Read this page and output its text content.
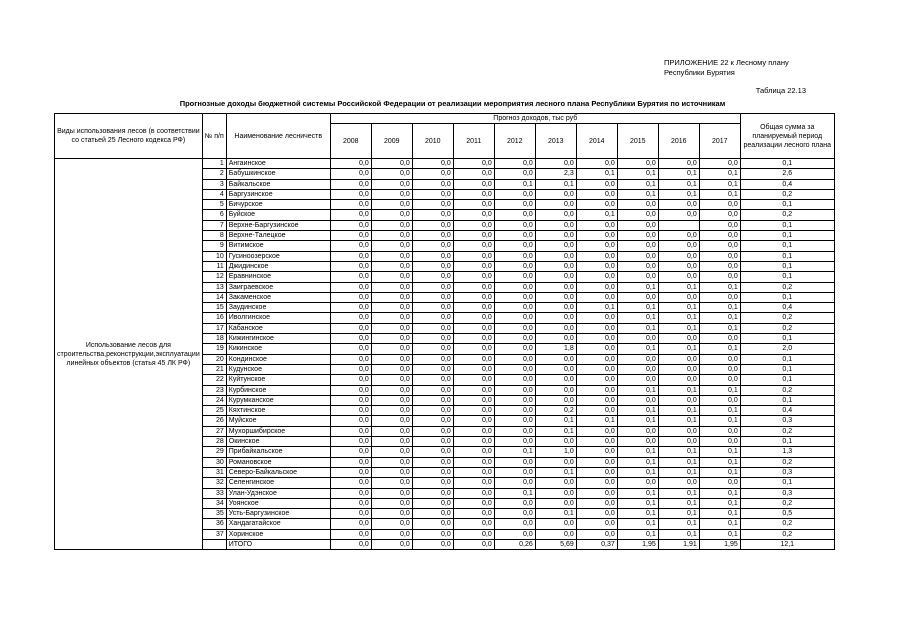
ПРИЛОЖЕНИЕ 22 к Лесному плану
Республики Бурятия
Таблица 22.13
Прогнозные доходы бюджетной системы Российской Федерации от реализации мероприятия лесного плана Республики Бурятия по источникам
Виды использования лесов (в соответствии со статьей 25 Лесного кодекса РФ)	№ п/п	Наименование лесничеств	Прогноз доходов, тыс руб										Общая сумма за планируемый период реализации лесного плана
			2008	2009	2010	2011	2012	2013	2014	2015	2016	2017	
Использование лесов для строительства,реконструкции,эксплуатации линейных объектов (статья 45 ЛК РФ)	1	Ангаинское	0,0	0,0	0,0	0,0	0,0	0,0	0,0	0,0	0,0	0,0	0,1
	2	Бабушкинское	0,0	0,0	0,0	0,0	0,0	2,3	0,1	0,1	0,1	0,1	2,6
	3	Байкальское	0,0	0,0	0,0	0,0	0,1	0,1	0,0	0,1	0,1	0,1	0,4
	4	Баргузинское	0,0	0,0	0,0	0,0	0,0	0,0	0,0	0,1	0,1	0,1	0,2
	5	Бичурское	0,0	0,0	0,0	0,0	0,0	0,0	0,0	0,0	0,0	0,0	0,1
	6	Буйское	0,0	0,0	0,0	0,0	0,0	0,0	0,1	0,0	0,0	0,0	0,2
	7	Верхне-Баргузинское	0,0	0,0	0,0	0,0	0,0	0,0	0,0	0,0		0,0	0,1
	8	Верхне-Талецкое	0,0	0,0	0,0	0,0	0,0	0,0	0,0	0,0	0,0	0,0	0,1
	9	Витимское	0,0	0,0	0,0	0,0	0,0	0,0	0,0	0,0	0,0	0,0	0,1
	10	Гусиноозерское	0,0	0,0	0,0	0,0	0,0	0,0	0,0	0,0	0,0	0,0	0,1
	11	Джидинское	0,0	0,0	0,0	0,0	0,0	0,0	0,0	0,0	0,0	0,0	0,1
	12	Еравнинское	0,0	0,0	0,0	0,0	0,0	0,0	0,0	0,0	0,0	0,0	0,1
	13	Заиграевское	0,0	0,0	0,0	0,0	0,0	0,0	0,0	0,1	0,1	0,1	0,2
	14	Закаменское	0,0	0,0	0,0	0,0	0,0	0,0	0,0	0,0	0,0	0,0	0,1
	15	Заудинское	0,0	0,0	0,0	0,0	0,0	0,0	0,1	0,1	0,1	0,1	0,4
	16	Иволгинское	0,0	0,0	0,0	0,0	0,0	0,0	0,0	0,1	0,1	0,1	0,2
	17	Кабанское	0,0	0,0	0,0	0,0	0,0	0,0	0,0	0,1	0,1	0,1	0,2
	18	Кижингинское	0,0	0,0	0,0	0,0	0,0	0,0	0,0	0,0	0,0	0,0	0,1
	19	Кикинское	0,0	0,0	0,0	0,0	0,0	1,8	0,0	0,1	0,1	0,1	2,0
	20	Кондинское	0,0	0,0	0,0	0,0	0,0	0,0	0,0	0,0	0,0	0,0	0,1
	21	Кудунское	0,0	0,0	0,0	0,0	0,0	0,0	0,0	0,0	0,0	0,0	0,1
	22	Куйтунское	0,0	0,0	0,0	0,0	0,0	0,0	0,0	0,0	0,0	0,0	0,1
	23	Курбинское	0,0	0,0	0,0	0,0	0,0	0,0	0,0	0,1	0,1	0,1	0,2
	24	Курумканское	0,0	0,0	0,0	0,0	0,0	0,0	0,0	0,0	0,0	0,0	0,1
	25	Кяхтинское	0,0	0,0	0,0	0,0	0,0	0,2	0,0	0,1	0,1	0,1	0,4
	26	Муйское	0,0	0,0	0,0	0,0	0,0	0,1	0,1	0,1	0,1	0,1	0,3
	27	Мухоршибирское	0,0	0,0	0,0	0,0	0,0	0,1	0,0	0,0	0,0	0,0	0,2
	28	Окинское	0,0	0,0	0,0	0,0	0,0	0,0	0,0	0,0	0,0	0,0	0,1
	29	Прибайкальское	0,0	0,0	0,0	0,0	0,1	1,0	0,0	0,1	0,1	0,1	1,3
	30	Романовское	0,0	0,0	0,0	0,0	0,0	0,0	0,0	0,1	0,1	0,1	0,2
	31	Северо-Байкальское	0,0	0,0	0,0	0,0	0,0	0,1	0,0	0,1	0,1	0,1	0,3
	32	Селенгинское	0,0	0,0	0,0	0,0	0,0	0,0	0,0	0,0	0,0	0,0	0,1
	33	Улан-Удэнское	0,0	0,0	0,0	0,0	0,1	0,0	0,0	0,1	0,1	0,1	0,3
	34	Уоянское	0,0	0,0	0,0	0,0	0,0	0,0	0,0	0,1	0,1	0,1	0,2
	35	Усть-Баргузинское	0,0	0,0	0,0	0,0	0,0	0,1	0,0	0,1	0,1	0,1	0,5
	36	Хандагатайское	0,0	0,0	0,0	0,0	0,0	0,0	0,0	0,1	0,1	0,1	0,2
	37	Хоринское	0,0	0,0	0,0	0,0	0,0	0,0	0,0	0,1	0,1	0,1	0,2
		ИТОГО	0,0	0,0	0,0	0,0	0,26	5,69	0,37	1,95	1,91	1,95	12,1
